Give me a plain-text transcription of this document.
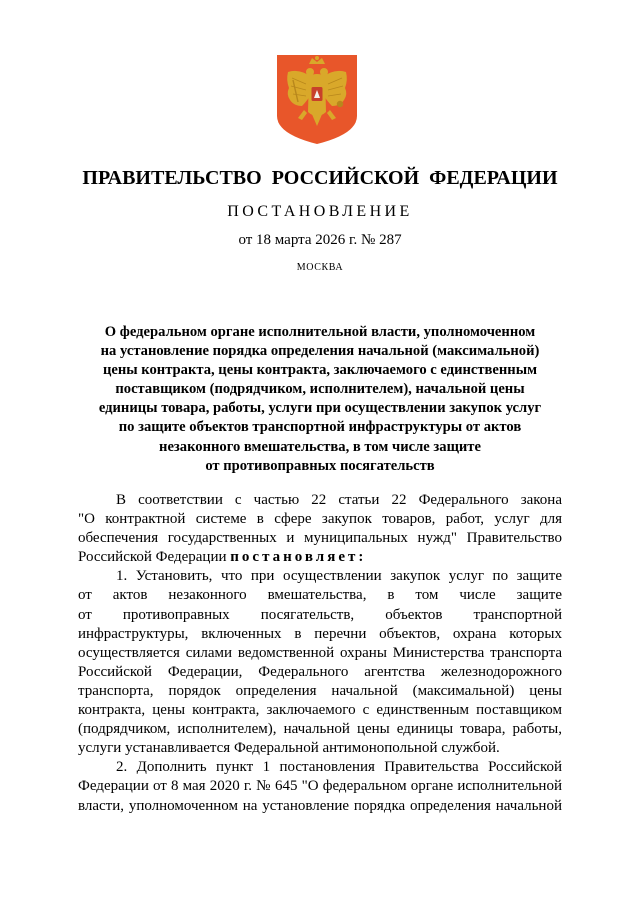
ПРАВИТЕЛЬСТВО РОССИЙСКОЙ ФЕДЕРАЦИИ
ПОСТАНОВЛЕНИЕ
от 18 марта 2026 г. № 287
МОСКВА
О федеральном органе исполнительной власти, уполномоченном
на установление порядка определения начальной (максимальной)
цены контракта, цены контракта, заключаемого с единственным
поставщиком (подрядчиком, исполнителем), начальной цены
единицы товара, работы, услуги при осуществлении закупок услуг
по защите объектов транспортной инфраструктуры от актов
незаконного вмешательства, в том числе защите
от противоправных посягательств
В соответствии с частью 22 статьи 22 Федерального закона
"О контрактной системе в сфере закупок товаров, работ, услуг для
обеспечения государственных и муниципальных нужд" Правительство
Российской Федерации постановляет:
1. Установить, что при осуществлении закупок услуг по защите
от актов незаконного вмешательства, в том числе защите
от противоправных посягательств, объектов транспортной
инфраструктуры, включенных в перечни объектов, охрана которых
осуществляется силами ведомственной охраны Министерства транспорта
Российской Федерации, Федерального агентства железнодорожного
транспорта, порядок определения начальной (максимальной) цены
контракта, цены контракта, заключаемого с единственным поставщиком
(подрядчиком, исполнителем), начальной цены единицы товара, работы,
услуги устанавливается Федеральной антимонопольной службой.
2. Дополнить пункт 1 постановления Правительства Российской
Федерации от 8 мая 2020 г. № 645 "О федеральном органе исполнительной
власти, уполномоченном на установление порядка определения начальной
